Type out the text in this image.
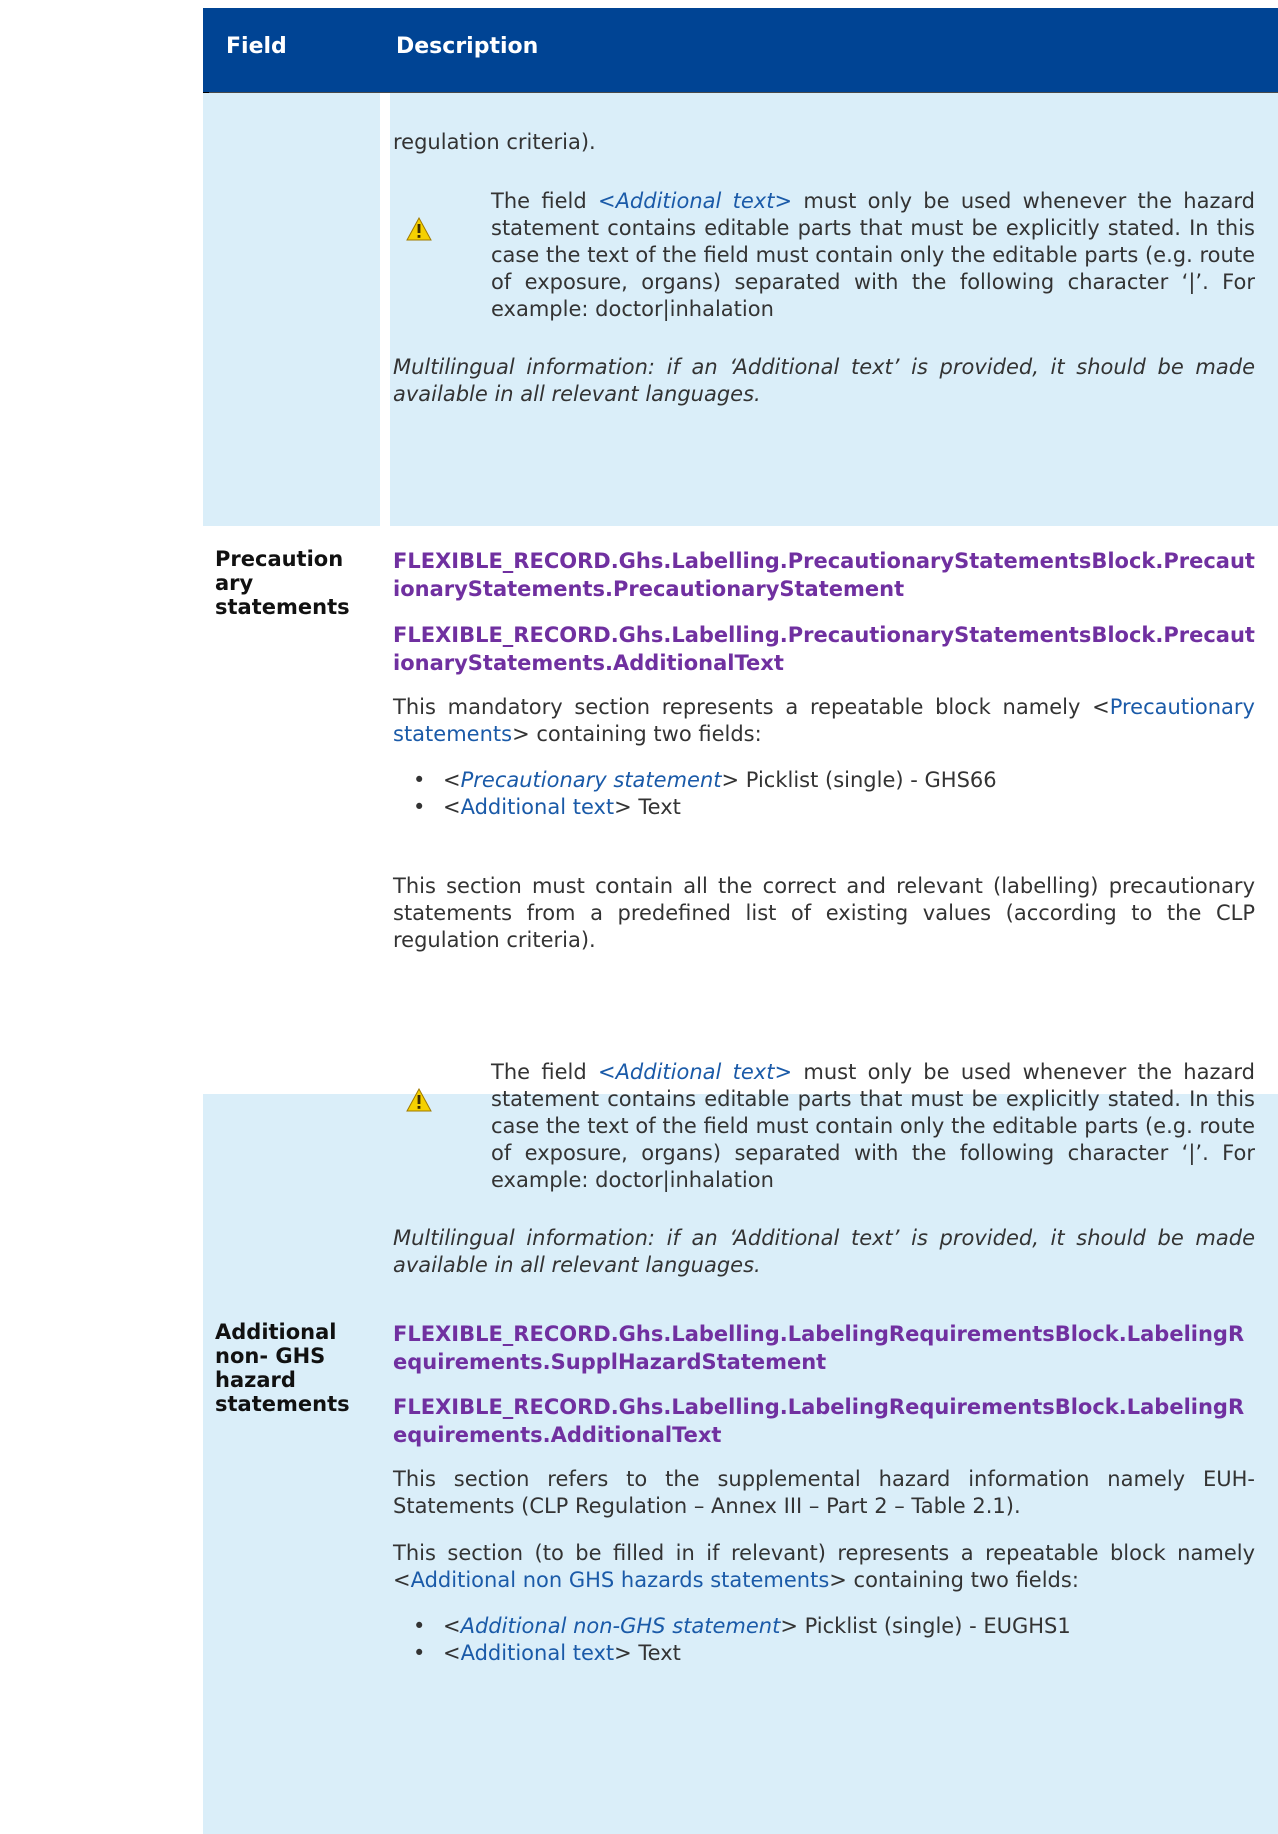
Field	Description
regulation criteria).
The field <Additional text> must only be used whenever the hazard statement contains editable parts that must be explicitly stated. In this case the text of the field must contain only the editable parts (e.g. route of exposure, organs) separated with the following character ‘|’. For example: doctor|inhalation
Multilingual information: if an ‘Additional text’ is provided, it should be made available in all relevant languages.
Precaution
ary
statements
FLEXIBLE_RECORD.Ghs.Labelling.PrecautionaryStatementsBlock.PrecautionaryStatements.PrecautionaryStatement
FLEXIBLE_RECORD.Ghs.Labelling.PrecautionaryStatementsBlock.PrecautionaryStatements.AdditionalText
This mandatory section represents a repeatable block namely <Precautionary statements> containing two fields:
• <Precautionary statement> Picklist (single) - GHS66
• <Additional text> Text
This section must contain all the correct and relevant (labelling) precautionary statements from a predefined list of existing values (according to the CLP regulation criteria).
The field <Additional text> must only be used whenever the hazard statement contains editable parts that must be explicitly stated. In this case the text of the field must contain only the editable parts (e.g. route of exposure, organs) separated with the following character ‘|’. For example: doctor|inhalation
Multilingual information: if an ‘Additional text’ is provided, it should be made available in all relevant languages.
Additional
non- GHS
hazard
statements
FLEXIBLE_RECORD.Ghs.Labelling.LabelingRequirementsBlock.LabelingRequirements.SupplHazardStatement
FLEXIBLE_RECORD.Ghs.Labelling.LabelingRequirementsBlock.LabelingRequirements.AdditionalText
This section refers to the supplemental hazard information namely EUH-Statements (CLP Regulation – Annex III – Part 2 – Table 2.1).
This section (to be filled in if relevant) represents a repeatable block namely <Additional non GHS hazards statements> containing two fields:
• <Additional non-GHS statement> Picklist (single) - EUGHS1
• <Additional text> Text
